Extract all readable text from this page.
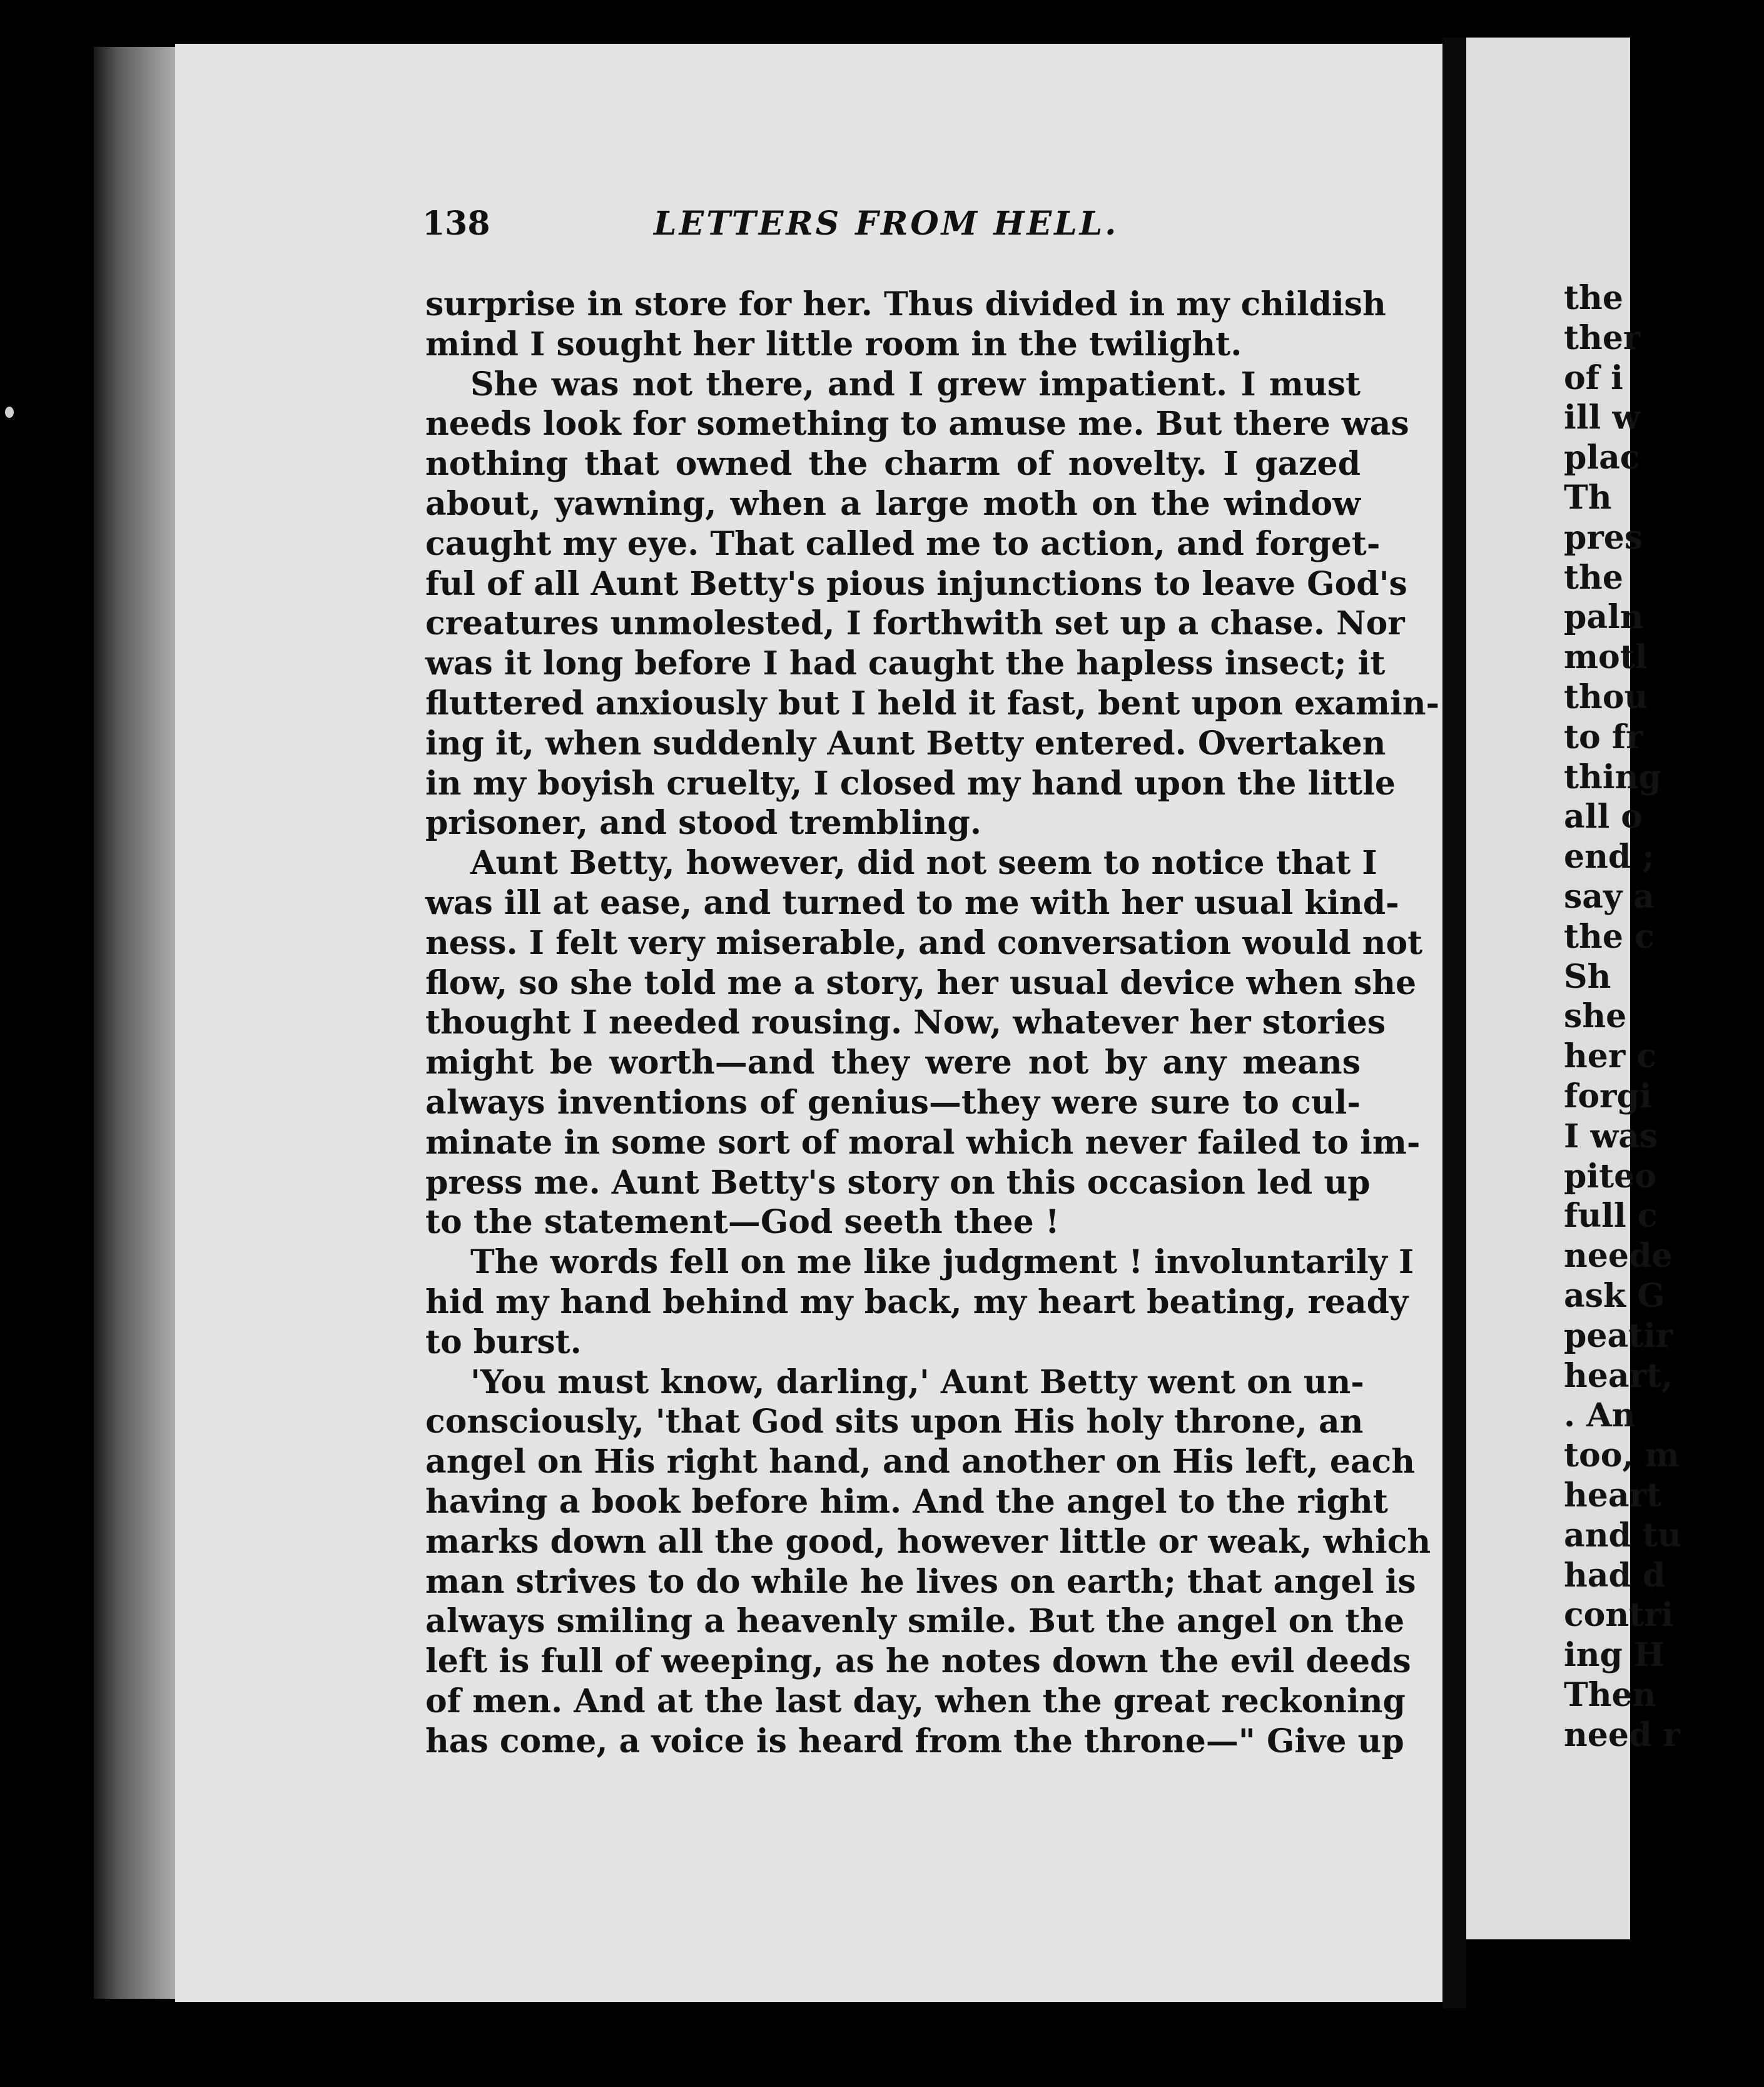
138	LETTERS FROM HELL.
surprise in store for her. Thus divided in my childish
mind I sought her little room in the twilight.
She was not there, and I grew impatient. I must
needs look for something to amuse me. But there was
nothing that owned the charm of novelty. I gazed
about, yawning, when a large moth on the window
caught my eye. That called me to action, and forget-
ful of all Aunt Betty's pious injunctions to leave God's
creatures unmolested, I forthwith set up a chase. Nor
was it long before I had caught the hapless insect; it
fluttered anxiously but I held it fast, bent upon examin-
ing it, when suddenly Aunt Betty entered. Overtaken
in my boyish cruelty, I closed my hand upon the little
prisoner, and stood trembling.
Aunt Betty, however, did not seem to notice that I
was ill at ease, and turned to me with her usual kind-
ness. I felt very miserable, and conversation would not
flow, so she told me a story, her usual device when she
thought I needed rousing. Now, whatever her stories
might be worth—and they were not by any means
always inventions of genius—they were sure to cul-
minate in some sort of moral which never failed to im-
press me. Aunt Betty's story on this occasion led up
to the statement—God seeth thee !
The words fell on me like judgment ! involuntarily I
hid my hand behind my back, my heart beating, ready
to burst.
'You must know, darling,' Aunt Betty went on un-
consciously, 'that God sits upon His holy throne, an
angel on His right hand, and another on His left, each
having a book before him. And the angel to the right
marks down all the good, however little or weak, which
man strives to do while he lives on earth; that angel is
always smiling a heavenly smile. But the angel on the
left is full of weeping, as he notes down the evil deeds
of men. And at the last day, when the great reckoning
has come, a voice is heard from the throne—" Give up
the
ther
of i
ill w
plac
Th
pres
the
paln
motl
thou
to fr
thing
all o
end ;
say a
the c
Sh
she
her c
forgi
I was
piteo
full c
neede
ask G
peatir
heart,
. An
too, m
heart
and tu
had d
contri
ing H
Then
need r
